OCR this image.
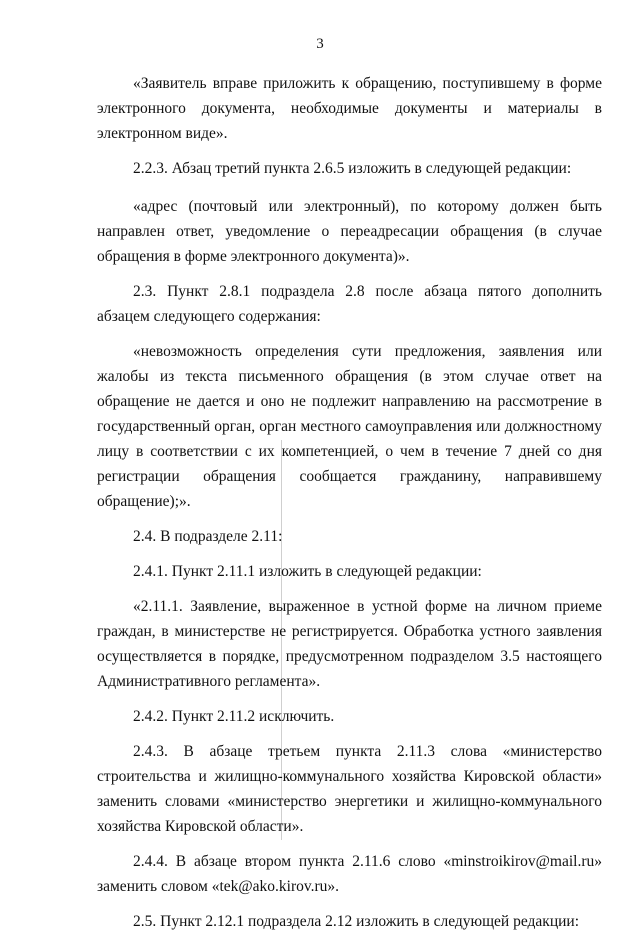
3

«Заявитель вправе приложить к обращению, поступившему в форме электронного документа, необходимые документы и материалы в электронном виде».

2.2.3. Абзац третий пункта 2.6.5 изложить в следующей редакции:

«адрес (почтовый или электронный), по которому должен быть направлен ответ, уведомление о переадресации обращения (в случае обращения в форме электронного документа)».

2.3. Пункт 2.8.1 подраздела 2.8 после абзаца пятого дополнить абзацем следующего содержания:

«невозможность определения сути предложения, заявления или жалобы из текста письменного обращения (в этом случае ответ на обращение не дается и оно не подлежит направлению на рассмотрение в государственный орган, орган местного самоуправления или должностному лицу в соответствии с их компетенцией, о чем в течение 7 дней со дня регистрации обращения сообщается гражданину, направившему обращение);».

2.4. В подразделе 2.11:

2.4.1. Пункт 2.11.1 изложить в следующей редакции:

«2.11.1. Заявление, выраженное в устной форме на личном приеме граждан, в министерстве не регистрируется. Обработка устного заявления осуществляется в порядке, предусмотренном подразделом 3.5 настоящего Административного регламента».

2.4.2. Пункт 2.11.2 исключить.

2.4.3. В абзаце третьем пункта 2.11.3 слова «министерство строительства и жилищно-коммунального хозяйства Кировской области» заменить словами «министерство энергетики и жилищно-коммунального хозяйства Кировской области».

2.4.4. В абзаце втором пункта 2.11.6 слово «minstroikirov@mail.ru» заменить словом «tek@ako.kirov.ru».

2.5. Пункт 2.12.1 подраздела 2.12 изложить в следующей редакции:
